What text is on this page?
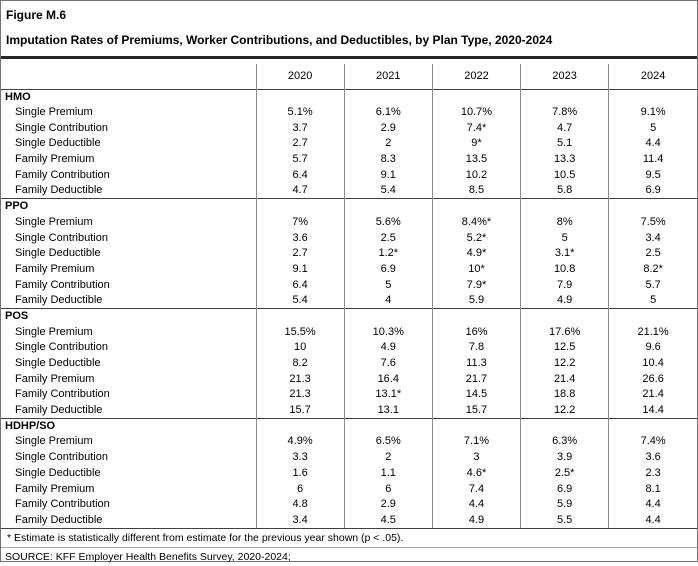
Figure M.6
Imputation Rates of Premiums, Worker Contributions, and Deductibles, by Plan Type, 2020-2024
	2020	2021	2022	2023	2024
HMO					
Single Premium	5.1%	6.1%	10.7%	7.8%	9.1%
Single Contribution	3.7	2.9	7.4*	4.7	5
Single Deductible	2.7	2	9*	5.1	4.4
Family Premium	5.7	8.3	13.5	13.3	11.4
Family Contribution	6.4	9.1	10.2	10.5	9.5
Family Deductible	4.7	5.4	8.5	5.8	6.9
PPO					
Single Premium	7%	5.6%	8.4%*	8%	7.5%
Single Contribution	3.6	2.5	5.2*	5	3.4
Single Deductible	2.7	1.2*	4.9*	3.1*	2.5
Family Premium	9.1	6.9	10*	10.8	8.2*
Family Contribution	6.4	5	7.9*	7.9	5.7
Family Deductible	5.4	4	5.9	4.9	5
POS					
Single Premium	15.5%	10.3%	16%	17.6%	21.1%
Single Contribution	10	4.9	7.8	12.5	9.6
Single Deductible	8.2	7.6	11.3	12.2	10.4
Family Premium	21.3	16.4	21.7	21.4	26.6
Family Contribution	21.3	13.1*	14.5	18.8	21.4
Family Deductible	15.7	13.1	15.7	12.2	14.4
HDHP/SO					
Single Premium	4.9%	6.5%	7.1%	6.3%	7.4%
Single Contribution	3.3	2	3	3.9	3.6
Single Deductible	1.6	1.1	4.6*	2.5*	2.3
Family Premium	6	6	7.4	6.9	8.1
Family Contribution	4.8	2.9	4.4	5.9	4.4
Family Deductible	3.4	4.5	4.9	5.5	4.4
* Estimate is statistically different from estimate for the previous year shown (p < .05).
SOURCE: KFF Employer Health Benefits Survey, 2020-2024;
